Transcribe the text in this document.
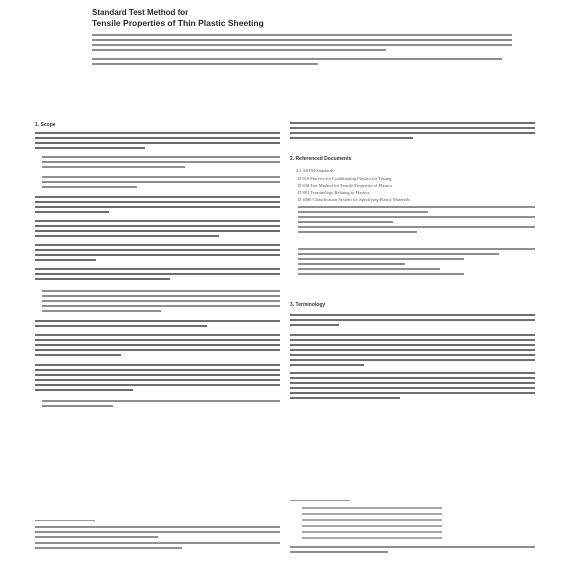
Standard Test Method for
Tensile Properties of Thin Plastic Sheeting
1. Scope
2. Referenced Documents
2.1 ASTM Standards:
D 618 Practice for Conditioning Plastics for Testing
D 638 Test Method for Tensile Properties of Plastics
D 883 Terminology Relating to Plastics
D 4000 Classification System for Specifying Plastic Materials
3. Terminology
